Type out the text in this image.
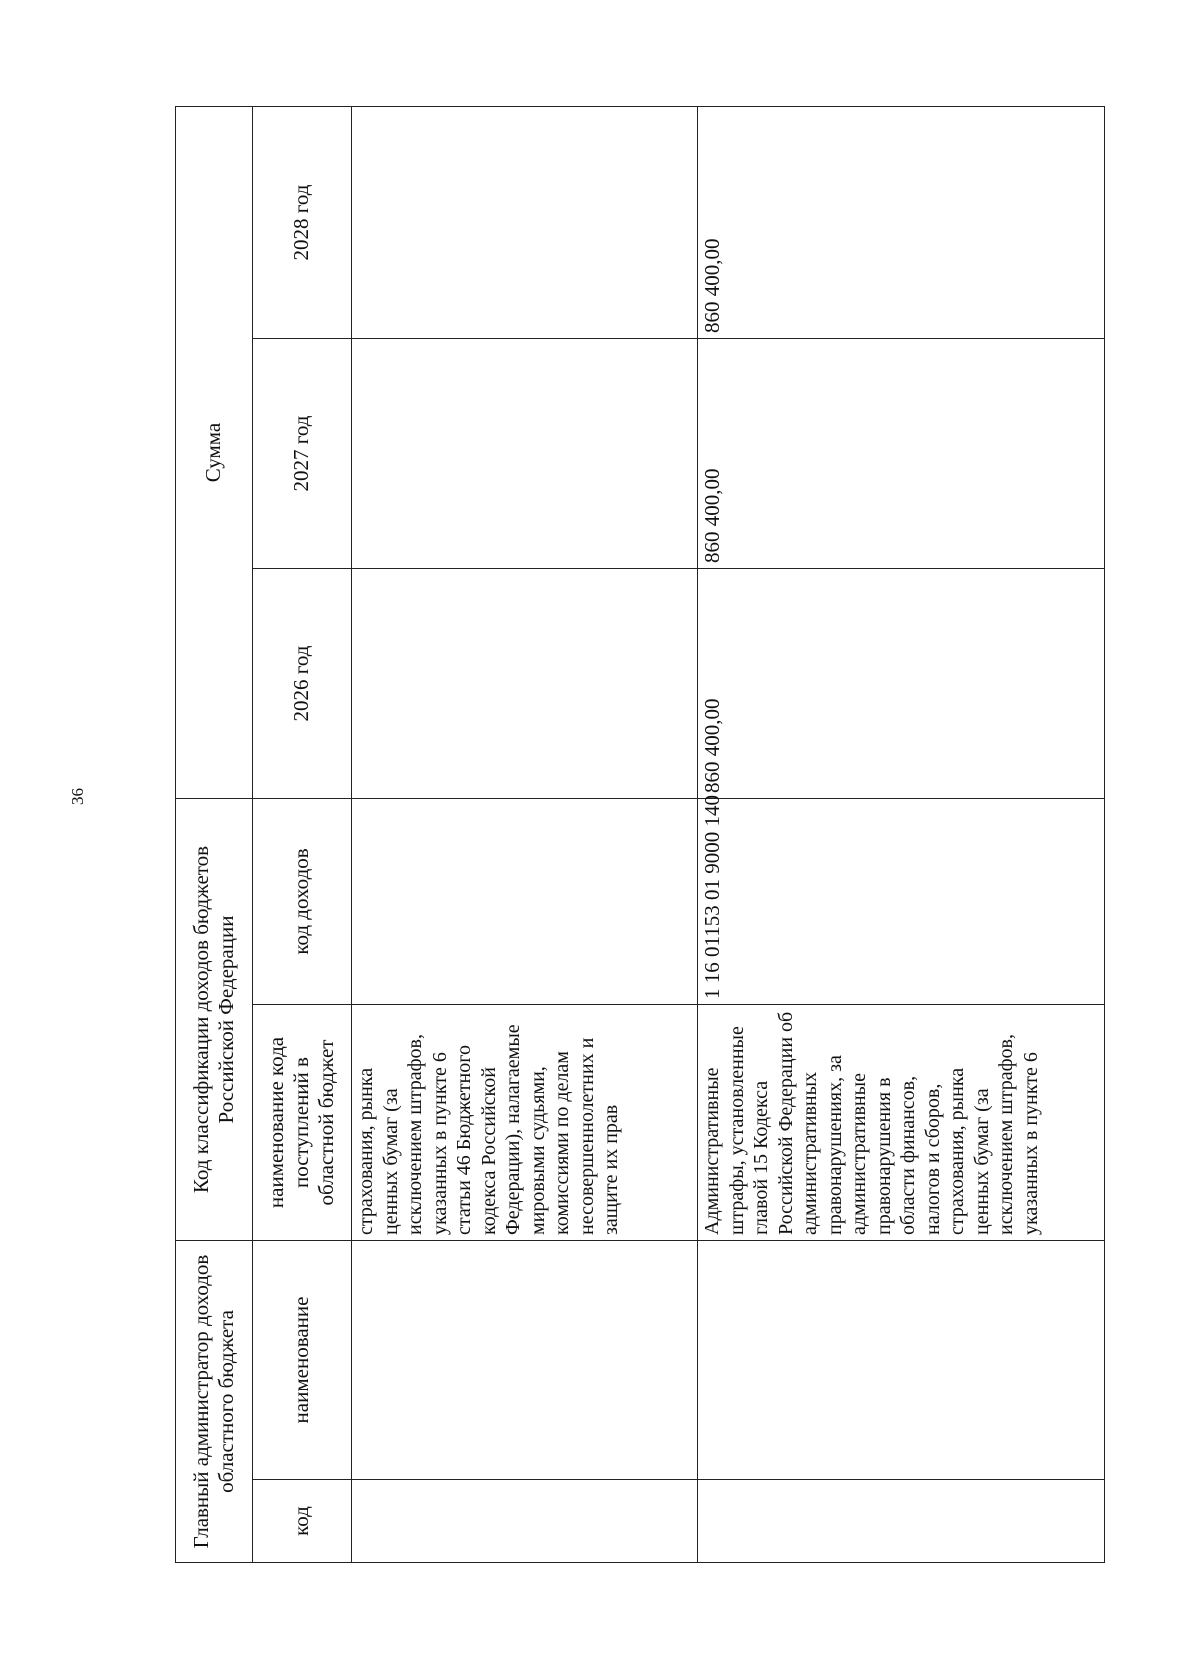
36
Главный администратор доходов областного бюджета		Код классификации доходов бюджетов Российской Федерации		Сумма		
код	наименование	наименование кода поступлений в областной бюджет	код доходов	2026 год	2027 год	2028 год
		страхования, рынка ценных бумаг (за исключением штрафов, указанных в пункте 6 статьи 46 Бюджетного кодекса Российской Федерации), налагаемые мировыми судьями, комиссиями по делам несовершеннолетних и защите их прав				
		Административные штрафы, установленные главой 15 Кодекса Российской Федерации об административных правонарушениях, за административные правонарушения в области финансов, налогов и сборов, страхования, рынка ценных бумаг (за исключением штрафов, указанных в пункте 6	1 16 01153 01 9000 140	860 400,00	860 400,00	860 400,00
